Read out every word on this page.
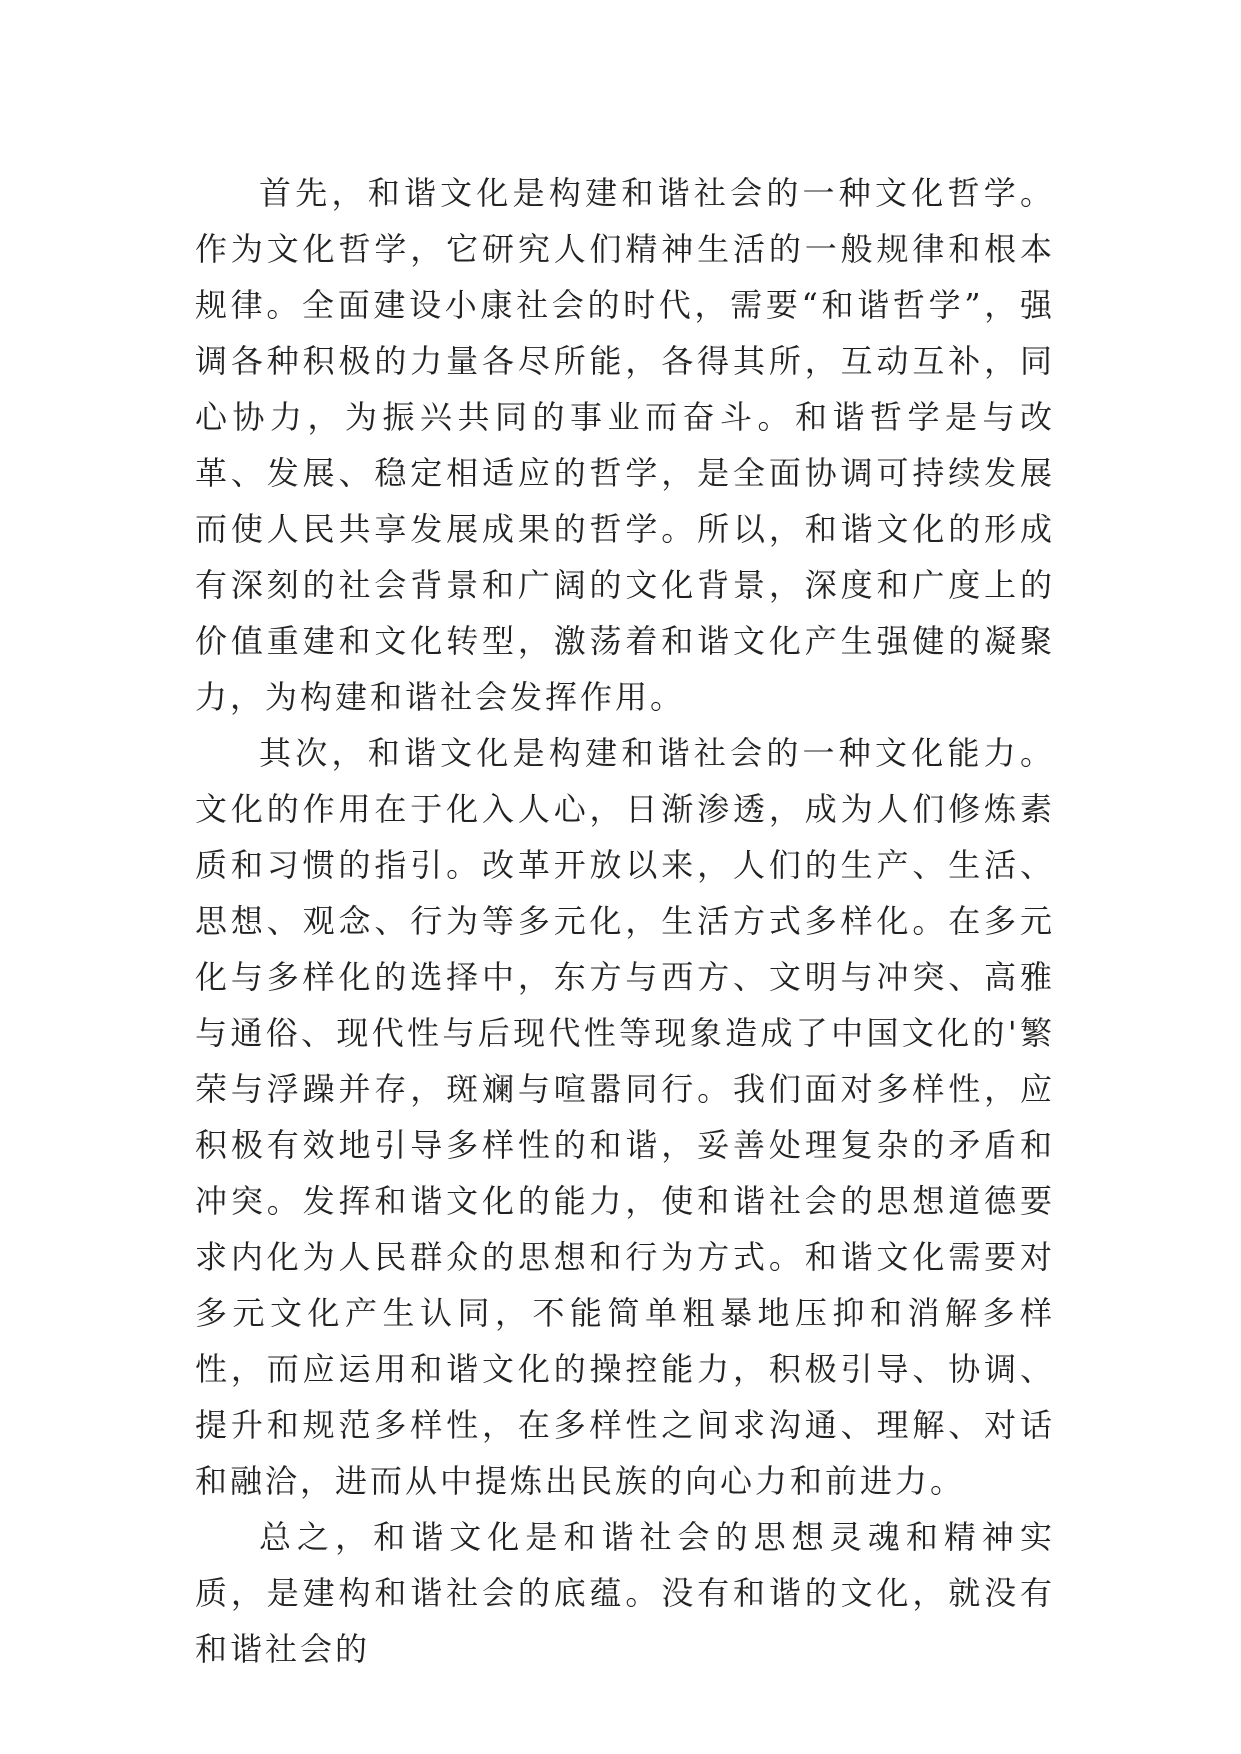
首先，和谐文化是构建和谐社会的一种文化哲学。作为文化哲学，它研究人们精神生活的一般规律和根本规律。全面建设小康社会的时代，需要“和谐哲学”，强调各种积极的力量各尽所能，各得其所，互动互补，同心协力，为振兴共同的事业而奋斗。和谐哲学是与改革、发展、稳定相适应的哲学，是全面协调可持续发展而使人民共享发展成果的哲学。所以，和谐文化的形成有深刻的社会背景和广阔的文化背景，深度和广度上的价值重建和文化转型，激荡着和谐文化产生强健的凝聚力，为构建和谐社会发挥作用。

其次，和谐文化是构建和谐社会的一种文化能力。文化的作用在于化入人心，日渐渗透，成为人们修炼素质和习惯的指引。改革开放以来，人们的生产、生活、思想、观念、行为等多元化，生活方式多样化。在多元化与多样化的选择中，东方与西方、文明与冲突、高雅与通俗、现代性与后现代性等现象造成了中国文化的'繁荣与浮躁并存，斑斓与喧嚣同行。我们面对多样性，应积极有效地引导多样性的和谐，妥善处理复杂的矛盾和冲突。发挥和谐文化的能力，使和谐社会的思想道德要求内化为人民群众的思想和行为方式。和谐文化需要对多元文化产生认同，不能简单粗暴地压抑和消解多样性，而应运用和谐文化的操控能力，积极引导、协调、提升和规范多样性，在多样性之间求沟通、理解、对话和融洽，进而从中提炼出民族的向心力和前进力。

总之，和谐文化是和谐社会的思想灵魂和精神实质，是建构和谐社会的底蕴。没有和谐的文化，就没有和谐社会的
